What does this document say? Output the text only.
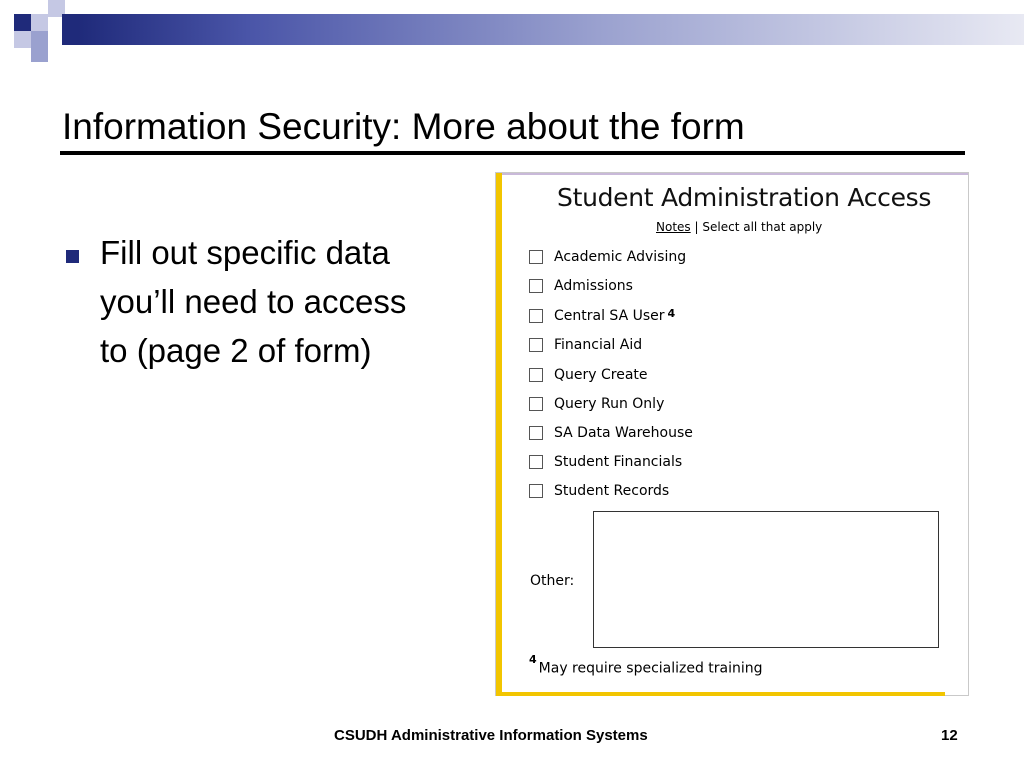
Information Security: More about the form
Fill out specific data
you’ll need to access
to (page 2 of form)
Student Administration Access
Notes | Select all that apply
Academic Advising
Admissions
Central SA User $^4$
Financial Aid
Query Create
Query Run Only
SA Data Warehouse
Student Financials
Student Records
Other:
$^4$May require specialized training
CSUDH Administrative Information Systems	12
